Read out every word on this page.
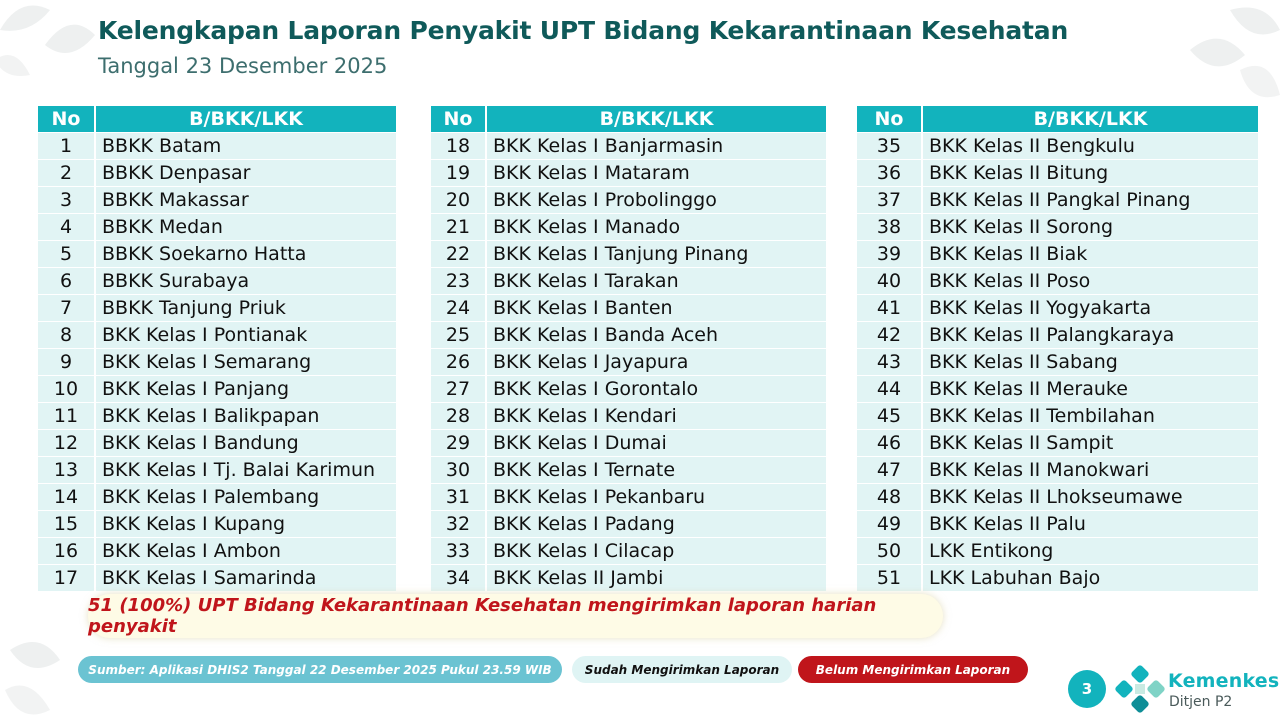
Kelengkapan Laporan Penyakit UPT Bidang Kekarantinaan Kesehatan
Tanggal 23 Desember 2025
No	B/BKK/LKK
1	BBKK Batam
2	BBKK Denpasar
3	BBKK Makassar
4	BBKK Medan
5	BBKK Soekarno Hatta
6	BBKK Surabaya
7	BBKK Tanjung Priuk
8	BKK Kelas I Pontianak
9	BKK Kelas I Semarang
10	BKK Kelas I Panjang
11	BKK Kelas I Balikpapan
12	BKK Kelas I Bandung
13	BKK Kelas I Tj. Balai Karimun
14	BKK Kelas I Palembang
15	BKK Kelas I Kupang
16	BKK Kelas I Ambon
17	BKK Kelas I Samarinda
No	B/BKK/LKK
18	BKK Kelas I Banjarmasin
19	BKK Kelas I Mataram
20	BKK Kelas I Probolinggo
21	BKK Kelas I Manado
22	BKK Kelas I Tanjung Pinang
23	BKK Kelas I Tarakan
24	BKK Kelas I Banten
25	BKK Kelas I Banda Aceh
26	BKK Kelas I Jayapura
27	BKK Kelas I Gorontalo
28	BKK Kelas I Kendari
29	BKK Kelas I Dumai
30	BKK Kelas I Ternate
31	BKK Kelas I Pekanbaru
32	BKK Kelas I Padang
33	BKK Kelas I Cilacap
34	BKK Kelas II Jambi
No	B/BKK/LKK
35	BKK Kelas II Bengkulu
36	BKK Kelas II Bitung
37	BKK Kelas II Pangkal Pinang
38	BKK Kelas II Sorong
39	BKK Kelas II Biak
40	BKK Kelas II Poso
41	BKK Kelas II Yogyakarta
42	BKK Kelas II Palangkaraya
43	BKK Kelas II Sabang
44	BKK Kelas II Merauke
45	BKK Kelas II Tembilahan
46	BKK Kelas II Sampit
47	BKK Kelas II Manokwari
48	BKK Kelas II Lhokseumawe
49	BKK Kelas II Palu
50	LKK Entikong
51	LKK Labuhan Bajo
51 (100%) UPT Bidang Kekarantinaan Kesehatan mengirimkan laporan harian penyakit
Sumber: Aplikasi DHIS2 Tanggal 22 Desember 2025 Pukul 23.59 WIB	Sudah Mengirimkan Laporan	Belum Mengirimkan Laporan
3	Kemenkes
Ditjen P2
